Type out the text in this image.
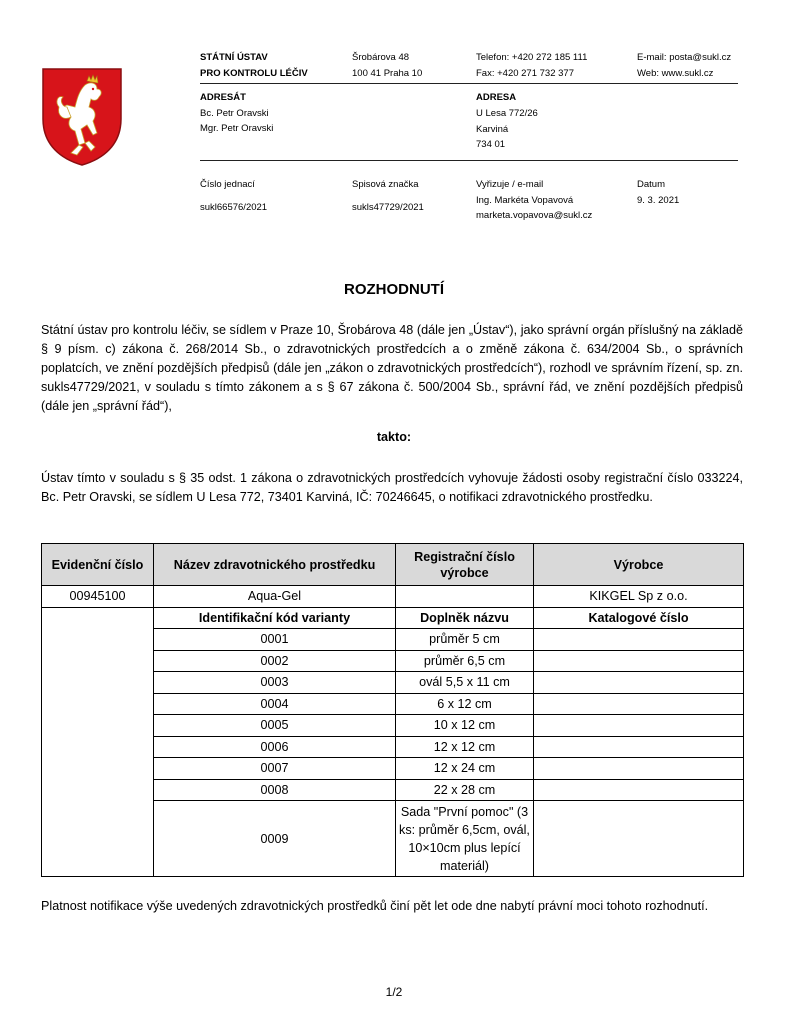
STÁTNÍ ÚSTAV
PRO KONTROLU LÉČIV
Šrobárova 48
100 41 Praha 10
Telefon: +420 272 185 111
Fax: +420 271 732 377
E-mail: posta@sukl.cz
Web: www.sukl.cz
ADRESÁT
Bc. Petr Oravski
Mgr. Petr Oravski
ADRESA
U Lesa 772/26
Karviná
734 01
Číslo jednací
sukl66576/2021
Spisová značka
sukls47729/2021
Vyřizuje / e-mail
Ing. Markéta Vopavová
marketa.vopavova@sukl.cz
Datum
9. 3. 2021
ROZHODNUTÍ
Státní ústav pro kontrolu léčiv, se sídlem v Praze 10, Šrobárova 48 (dále jen „Ústav“), jako správní orgán příslušný na základě § 9 písm. c) zákona č. 268/2014 Sb., o zdravotnických prostředcích a o změně zákona č. 634/2004 Sb., o správních poplatcích, ve znění pozdějších předpisů (dále jen „zákon o zdravotnických prostředcích“), rozhodl ve správním řízení, sp. zn. sukls47729/2021, v souladu s tímto zákonem a s § 67 zákona č. 500/2004 Sb., správní řád, ve znění pozdějších předpisů (dále jen „správní řád“),
takto:
Ústav tímto v souladu s § 35 odst. 1 zákona o zdravotnických prostředcích vyhovuje žádosti osoby registrační číslo 033224, Bc. Petr Oravski, se sídlem U Lesa 772, 73401 Karviná, IČ: 70246645, o notifikaci zdravotnického prostředku.
Evidenční číslo	Název zdravotnického prostředku	Registrační číslo výrobce	Výrobce
00945100	Aqua-Gel		KIKGEL Sp z o.o.
	Identifikační kód varianty	Doplněk názvu	Katalogové číslo
	0001	průměr 5 cm	
	0002	průměr 6,5 cm	
	0003	ovál 5,5 x 11 cm	
	0004	6 x 12 cm	
	0005	10 x 12 cm	
	0006	12 x 12 cm	
	0007	12 x 24 cm	
	0008	22 x 28 cm	
	0009	Sada "První pomoc" (3 ks: průměr 6,5cm, ovál, 10×10cm plus lepící materiál)	
Platnost notifikace výše uvedených zdravotnických prostředků činí pět let ode dne nabytí právní moci tohoto rozhodnutí.
1/2
